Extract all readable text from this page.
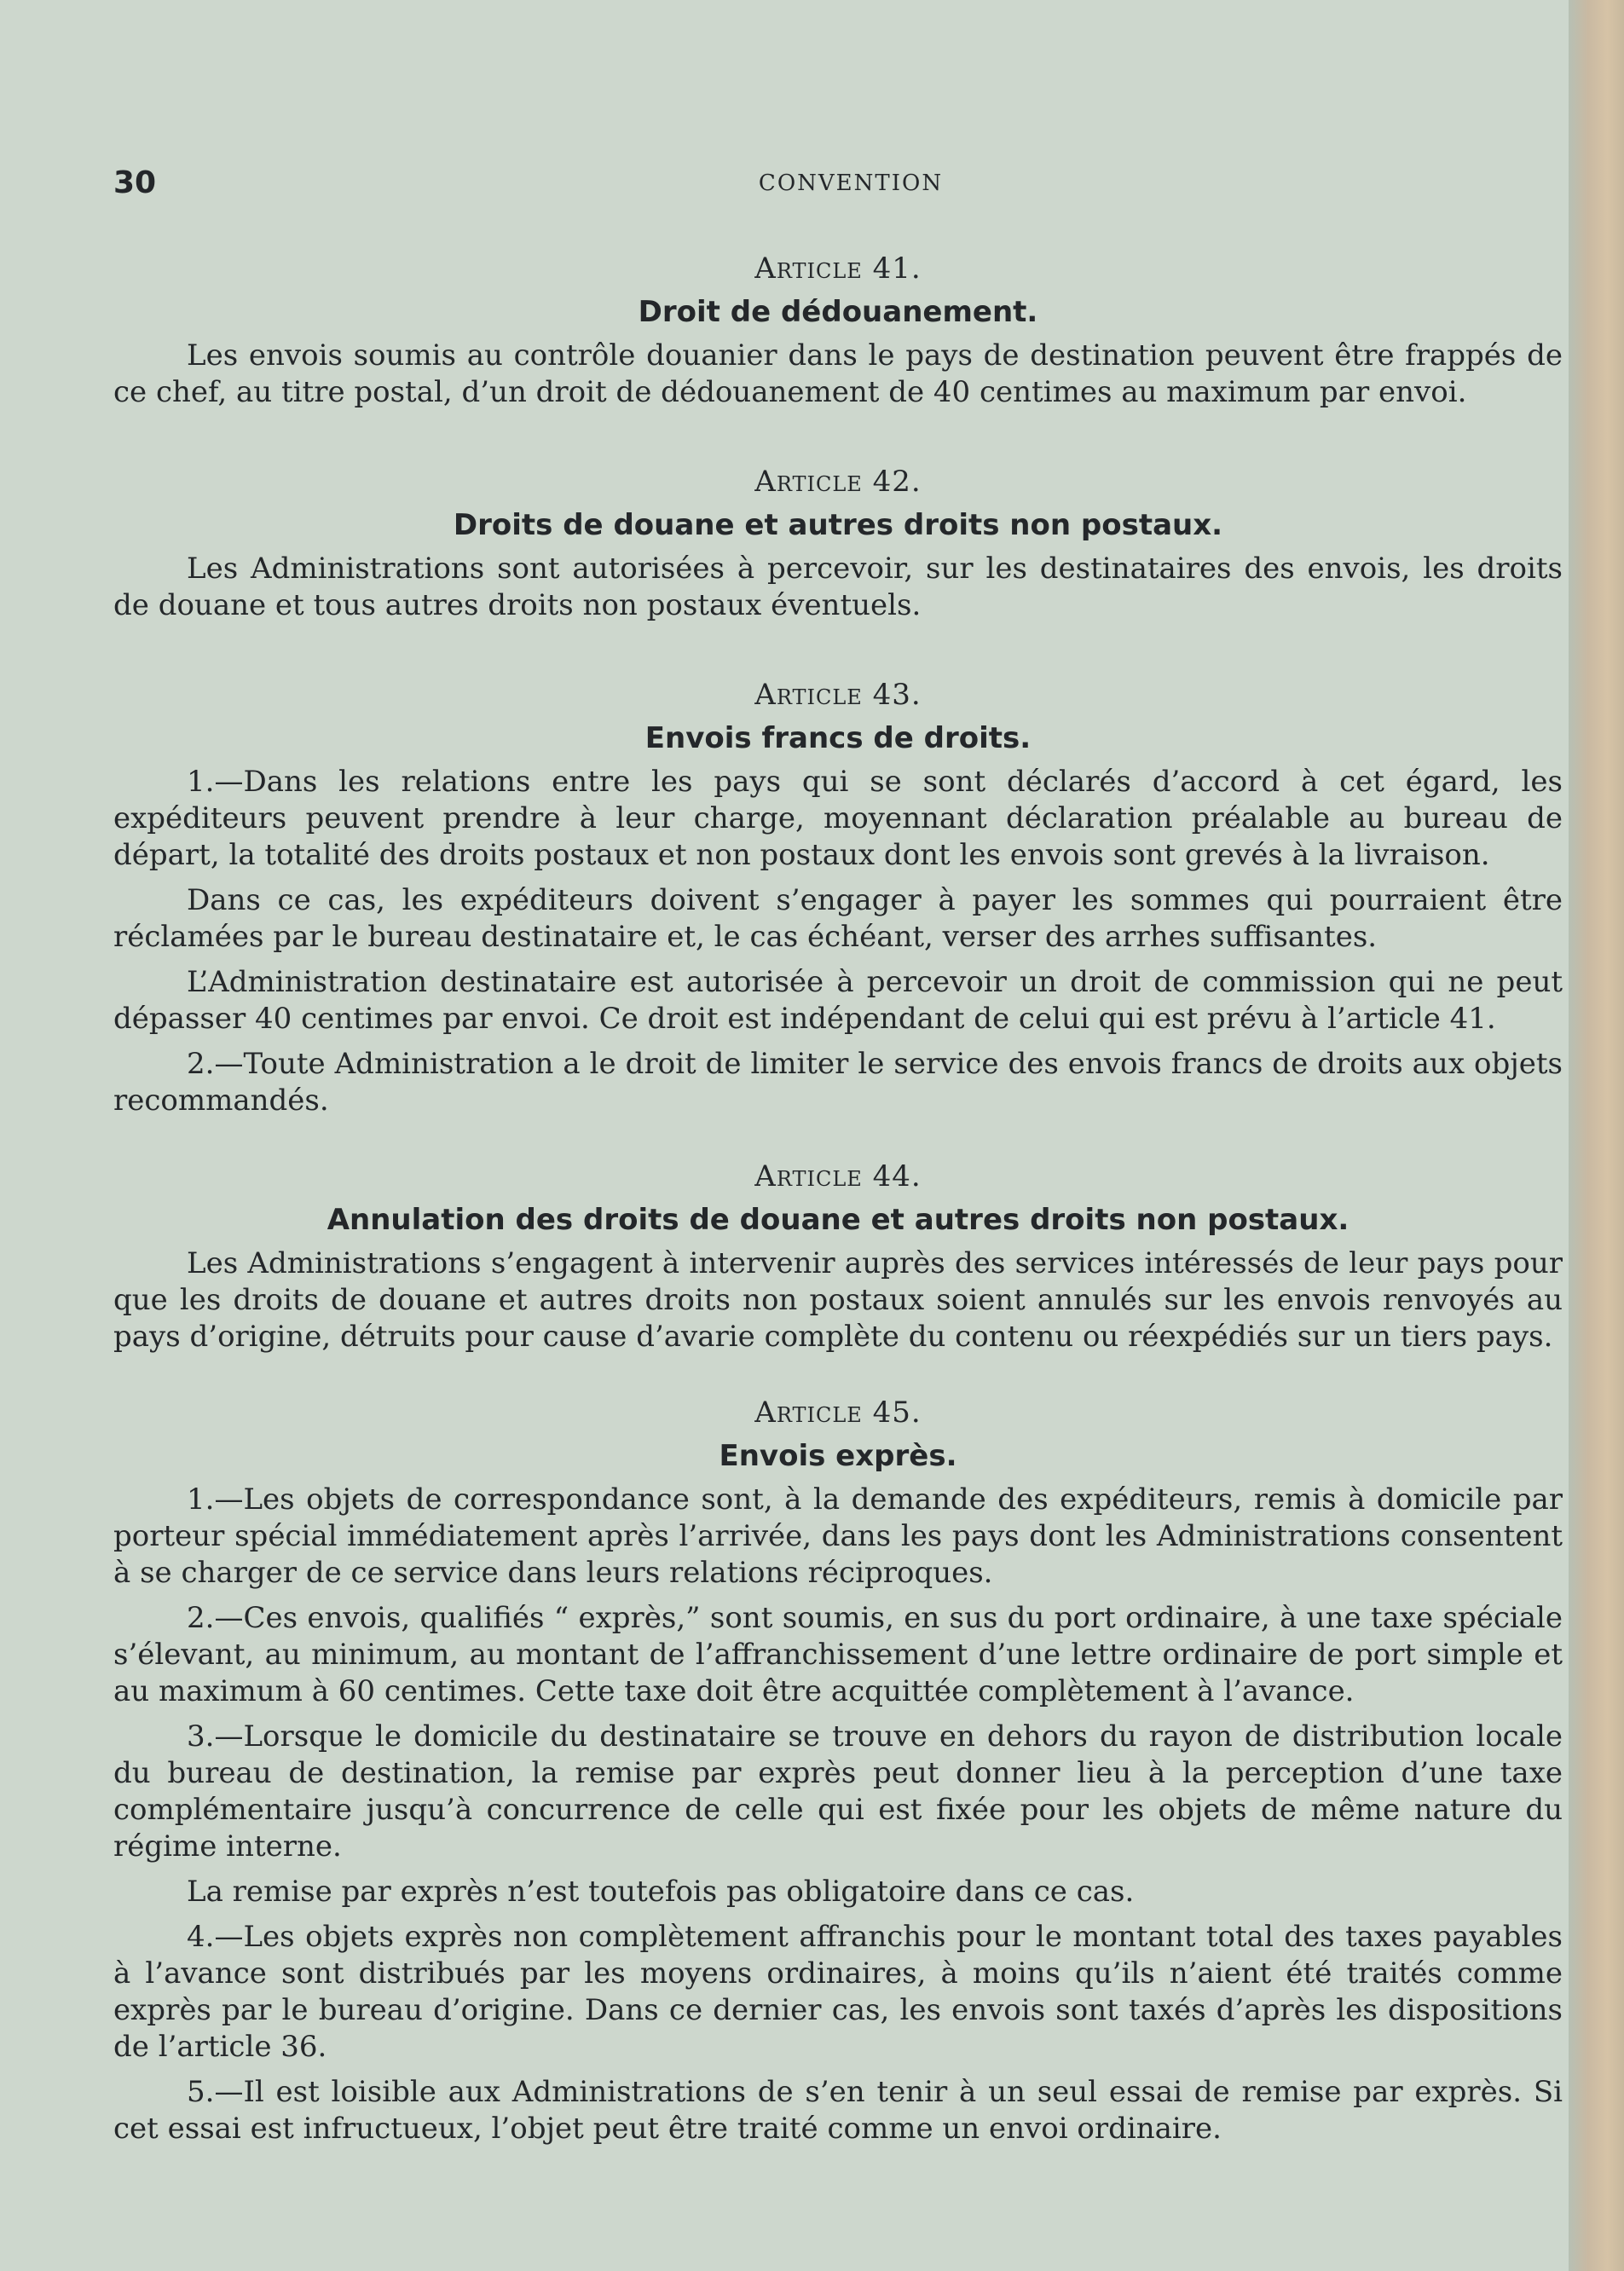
30	CONVENTION
Article 41.
Droit de dédouanement.

Les envois soumis au contrôle douanier dans le pays de destination peuvent être frappés de ce chef, au titre postal, d’un droit de dédouanement de 40 centimes au maximum par envoi.

Article 42.
Droits de douane et autres droits non postaux.

Les Administrations sont autorisées à percevoir, sur les destinataires des envois, les droits de douane et tous autres droits non postaux éventuels.

Article 43.
Envois francs de droits.

1.—Dans les relations entre les pays qui se sont déclarés d’accord à cet égard, les expéditeurs peuvent prendre à leur charge, moyennant déclaration préalable au bureau de départ, la totalité des droits postaux et non postaux dont les envois sont grevés à la livraison.

Dans ce cas, les expéditeurs doivent s’engager à payer les sommes qui pourraient être réclamées par le bureau destinataire et, le cas échéant, verser des arrhes suffisantes.

L’Administration destinataire est autorisée à percevoir un droit de commission qui ne peut dépasser 40 centimes par envoi. Ce droit est indépendant de celui qui est prévu à l’article 41.

2.—Toute Administration a le droit de limiter le service des envois francs de droits aux objets recommandés.

Article 44.
Annulation des droits de douane et autres droits non postaux.

Les Administrations s’engagent à intervenir auprès des services intéressés de leur pays pour que les droits de douane et autres droits non postaux soient annulés sur les envois renvoyés au pays d’origine, détruits pour cause d’avarie complète du contenu ou réexpédiés sur un tiers pays.

Article 45.
Envois exprès.

1.—Les objets de correspondance sont, à la demande des expéditeurs, remis à domicile par porteur spécial immédiatement après l’arrivée, dans les pays dont les Administrations consentent à se charger de ce service dans leurs relations réciproques.

2.—Ces envois, qualifiés “ exprès,” sont soumis, en sus du port ordinaire, à une taxe spéciale s’élevant, au minimum, au montant de l’affranchissement d’une lettre ordinaire de port simple et au maximum à 60 centimes. Cette taxe doit être acquittée complètement à l’avance.

3.—Lorsque le domicile du destinataire se trouve en dehors du rayon de distribution locale du bureau de destination, la remise par exprès peut donner lieu à la perception d’une taxe complémentaire jusqu’à concurrence de celle qui est fixée pour les objets de même nature du régime interne.

La remise par exprès n’est toutefois pas obligatoire dans ce cas.

4.—Les objets exprès non complètement affranchis pour le montant total des taxes payables à l’avance sont distribués par les moyens ordinaires, à moins qu’ils n’aient été traités comme exprès par le bureau d’origine. Dans ce dernier cas, les envois sont taxés d’après les dispositions de l’article 36.

5.—Il est loisible aux Administrations de s’en tenir à un seul essai de remise par exprès. Si cet essai est infructueux, l’objet peut être traité comme un envoi ordinaire.
